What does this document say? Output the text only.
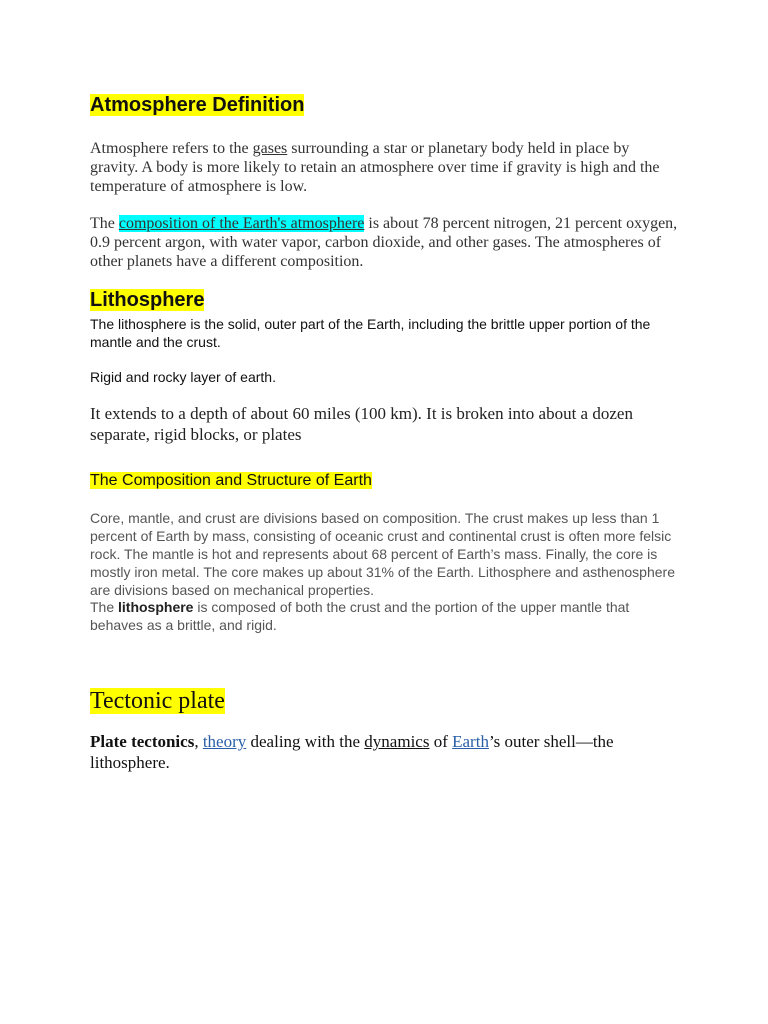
Atmosphere Definition

Atmosphere refers to the gases surrounding a star or planetary body held in place by gravity. A body is more likely to retain an atmosphere over time if gravity is high and the temperature of atmosphere is low.

The composition of the Earth's atmosphere is about 78 percent nitrogen, 21 percent oxygen, 0.9 percent argon, with water vapor, carbon dioxide, and other gases. The atmospheres of other planets have a different composition.

Lithosphere

The lithosphere is the solid, outer part of the Earth, including the brittle upper portion of the mantle and the crust.

Rigid and rocky layer of earth.

It extends to a depth of about 60 miles (100 km). It is broken into about a dozen separate, rigid blocks, or plates

The Composition and Structure of Earth

Core, mantle, and crust are divisions based on composition. The crust makes up less than 1 percent of Earth by mass, consisting of oceanic crust and continental crust is often more felsic rock. The mantle is hot and represents about 68 percent of Earth’s mass. Finally, the core is mostly iron metal. The core makes up about 31% of the Earth. Lithosphere and asthenosphere are divisions based on mechanical properties.

The lithosphere is composed of both the crust and the portion of the upper mantle that behaves as a brittle, and rigid.

Tectonic plate

Plate tectonics, theory dealing with the dynamics of Earth’s outer shell—the lithosphere.
